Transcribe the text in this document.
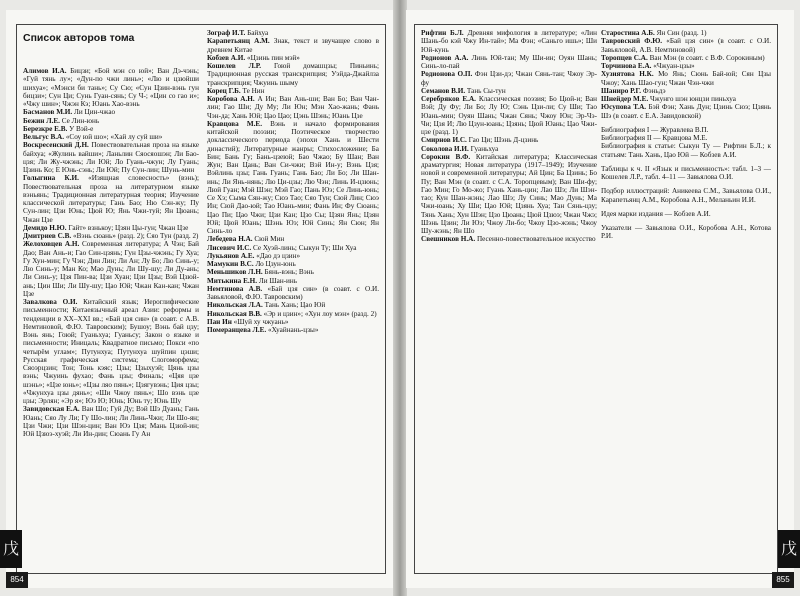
Список авторов тома
Алимов И.А. Бицзи; «Бой мэн со юй»; Ван Дэ-чэнь; «Гуй тянь лу»; «Дун-по чжи линь»; «Лю и цзюйши шихуа»; «Мэнси би тань»; Су Сю; «Сун Цзин-вэнь гун бицзи»; Сун Ци; Сунь Гуан-сянь; Су Ч-; «Цин со гао и»; «Чжу шин»; Чжэн Кэ; Юань Хао-вэнь
Басманов М.И. Ли Цин-чжао
Бежин Л.Е. Се Лин-юнь
Березкре Е.В. У Вэй-е
Вельгус В.А. «Соу юй шо»; «Хай лу суй ши»
Воскресенский Д.Н. Повествовательная проза на языке байхуа; «Жулинь вайши»; Ланьлин Сяосяошэн; Ли Бао-цзя; Ли Жу-чжэнь; Ли Юй; Ло Гуань-чжун; Лу Гуань; Цзинь Ко; Е Юнь-сэнь; Ли Юй; Пу Сун-лин; Шунь-мин
Голыгина К.И. «Изящная словесность» (вэнь); Повествовательная проза на литературном языке вэньянь; Традиционная литературная теория; Изучение классической литературы; Гань Бао; Ню Сэн-жу; Пу Сун-лин; Цзи Юнь; Цюй Ю; Янь Чжи-туй; Ян Цюань; Чжан Цзе
Демидо Н.Ю. Гайт» взнькоу; Цзян Цы-гун; Чжан Цзе
Дмитриев С.В. «Вэнь сюань» (разд. 2); Сяо Тун (разд. 2)
Желоховцев А.Н. Современная литература; А Чэн; Бай Дао; Ван Ань-и; Гао Син-цзянь; Гун Цзы-чжэнь; Гу Хуа; Гу Хун-мин; Гу Чэн; Дин Лин; Ли Ан; Лу Бо; Лю Синь-у; Лю Синь-у; Ман Ко; Мао Дунь; Ли Шу-шу; Ли Ду-ань; Ли Синь-у; Цзя Пин-ва; Цзи Хуан; Цзи Цзы; Вэй Цзюй-ань; Цин Ши; Ли Шу-шу; Цао Юй; Чжан Кан-кан; Чжан Цзе
Завалкова О.И. Китайский язык; Иероглифические письменности; Китаеязычный ареал Азии: реформы и тенденции в XX–XXI вв.; «Бай цзя син» (в соавт. с А.В. Немтиновой, Ф.Ю. Тавровским); Бушоу; Вэнь бай цзу; Вэнь янь; Гоюй; Гуаньхуа; Гуаньсу; Закон о языке и письменности; Иницаль; Квадратное письмо; Покси «по четырём углам»; Путунхуа; Путунхуа шуйпин цэши; Русская графическая система; Слогоморфема; Сяоэрцзин; Тон; Тонь кэяс; Цзы; Цзыхуэй; Цянь цзы вэнь; Чжуинь фухао; Фань цзы; Финаль; «Цяя цзе шэнь»; «Цзе юнь»; «Цзы ляо пянь»; Цзягувэнь; Ция цзы; «Чжунхуа цзы дянь»; «Ши Чжоу пянь»; Шо вэнь цзе цзы; Эрлян; «Эр я»; Юэ Ю; Юнь; Юнь ту; Юнь Шу
Завидовская Е.А. Ван Шо; Гуй Ду; Вэй Шэ Дуань; Гань Юань; Сяо Лу Ли; Гу Шо-лин; Ли Линь-Чжи; Ли Шо-ян; Цзи Чжи; Цзи Шэн-цин; Ван Юэ Цзя; Мань Цзюй-ин; Юй Цзюэ-хуэй; Ли Ин-дин; Сюань Гу Ан
Зограф И.Т. Байхуа
Карапетьянц А.М. Знак, текст и звучащее слово в древнем Китае
Кобзев А.И. «Цзинь пин мэй»
Кошелев Л.Р. Гоюй домашцзы; Пиньинь; Традиционная русская транскрипция; Уэйда-Джайлза транскрипция; Чжуинь шыму
Корец Г.Б. Те Нин
Коробова А.Н. А Ин; Ван Ань-ши; Ван Бо; Ван Чан-лин; Гао Ши; Ду Му; Ли Юн; Мэн Хао-жань; Фань Чэн-да; Хань Юй; Цао Цао; Цэнь Шэнь; Юань Цзе
Кравцова М.Е. Вэнь и начало формирования китайской поэзии; Поэтическое творчество доклассического периода (эпохи Хань и Шести династий); Литературные жанры; Стихосложение; Ба Бин; Бань Гу; Бань-цзеюй; Бао Чжао; Бу Шан; Ван Жун; Ван Цань; Ван Си-чжи; Вэй Ин-у; Вэнь Цзя; Вэйлинь цзы; Гань Гуань; Гань Бао; Ли Бо; Ли Шан-инь; Ли Янь-нянь; Лю Ци-цзы; Лю Чэн; Линь И-цзюнь; Люй Гуан; Мэй Шэн; Мэй Гао; Пань Юэ; Се Линь-юнь; Се Хэ; Сыма Сян-жу; Сюэ Тао; Сяо Тун; Сюй Лин; Сюэ Ин; Сюй Дао-юй; Тао Юань-мин; Фань Ин; Фу Сюань; Цао Пи; Цао Чжи; Цзи Кан; Цзо Сы; Цзян Янь; Цзян Юй; Цюй Юань; Шэнь Юэ; Юй Синь; Ян Сюн; Ян Синь-ло
Лебедева Н.А. Сюй Мин
Лисевич И.С. Се Хуэй-линь; Сыкун Ту; Ши Хуа
Лукьянов А.Е. «Дао дэ цзин»
Мамукин В.С. Ло Цзун-юнь
Меньшиков Л.Н. Бянь-вэнь; Вэнь
Митькина Е.Н. Ли Шан-инь
Немтинова А.В. «Бай цзя син» (в соавт. с О.И. Завьяловой, Ф.Ю. Тавровским)
Никольская Л.А. Тань Хань; Цао Юй
Никольская В.В. «Эр и цзин»; «Хун лоу мэн» (разд. 2)
Пан Ин «Шуй ху чжуань»
Померанцева Л.Е. «Хуайнань-цзы»
854
戊
Рифтин Б.Л. Древняя мифология в литературе; «Лин Шань-бо кэй Чжу Ин-тай»; Ма Фэн; «Саньго ишь»; Ши Юй-кунь
Родионов А.А. Линь Юй-тан; Му Ши-ин; Оуян Шань; Синь-ло-пай
Родионова О.П. Фэн Цзи-дэ; Чжан Сянь-тан; Чжоу Эр-фу
Семанов В.И. Тань Сы-тун
Серебряков Е.А. Классическая поэзия; Бо Цюй-и; Ван Вэй; Ду Фу; Ли Бо; Лу Ю; Сэнь Цзи-ли; Су Ши; Тао Юань-мин; Оуян Шань; Чжан Сянь; Чжоу Юн; Эр-Чэ-Чи; Цзя И; Лю Цзун-юань; Цзянь; Цюй Юань; Цао Чжи-цзе (разд. 1)
Смирнов И.С. Гао Ци; Шэнь Д-цзинь
Соколова И.И. Гуаньхуа
Сорокин В.Ф. Китайская литература; Классическая драматургия; Новая литература (1917–1949); Изучение новой и современной литературы; Ай Цин; Ба Цзинь; Бо Пу; Ван Мэн (в соавт. с С.А. Торопцевым); Ван Ши-фу; Гао Мин; Го Мо-жо; Гуань Хань-цин; Лао Шэ; Ли Шэн-тао; Кун Шан-жэнь; Лао Шэ; Лу Синь; Мао Дунь; Ма Чжи-юань; Ху Ши; Цао Юй; Цзянь Хуа; Тан Сянь-цзу; Тянь Хань; Хун Шэн; Цзо Цюань; Цюй Цзюэ; Чжан Чжэ; Шэнь Цзин; Ли Юэ; Чжоу Ли-бо; Чжоу Цзо-жэнь; Чжоу Шу-жэнь; Ян Шо
Свешников Н.А. Песенно-повествовательное искусство
Старостина А.Б. Ян Син (разд. 1)
Тавровский Ф.Ю. «Бай цзя син» (в соавт. с О.И. Завьяловой, А.В. Немтиновой)
Торопцев С.А. Ван Мэн (в соавт. с В.Ф. Сорокиным)
Торчинова Е.А. «Чжуан-цзы»
Хузиятова Н.К. Мо Янь; Сюнь Бай-юй; Сян Цзы Чжоу; Хань Шао-гун; Чжан Чэн-чжи
Шаниро Р.Г. Фэньдэ
Шнейдер М.Е. Чжунго шэн юнцзи пиньхуа
Юсупова Т.А. Бэй Фэн; Хань Дун; Цзинь Сюэ; Цзянь Шэ (в соавт. с Е.А. Завидовской)
Библиография I — Журавлева В.П.
Библиография II — Кравцова М.Е.
Библиография к статье: Сыкун Ту — Рифтин Б.Л.; к статьям: Тань Хань, Цао Юй — Кобзев А.И.
Таблицы к ч. II «Язык и письменность»: табл. 1–3 — Кошелев Л.Р., табл. 4–11 — Завьялова О.И.
Подбор иллюстраций: Аникеева С.М., Завьялова О.И., Карапетьянц А.М., Коробова А.Н., Меланьин И.И.
Идея марки издания — Кобзев А.И.
Указатели — Завьялова О.И., Коробова А.Н., Котова Р.И.
855
戊
